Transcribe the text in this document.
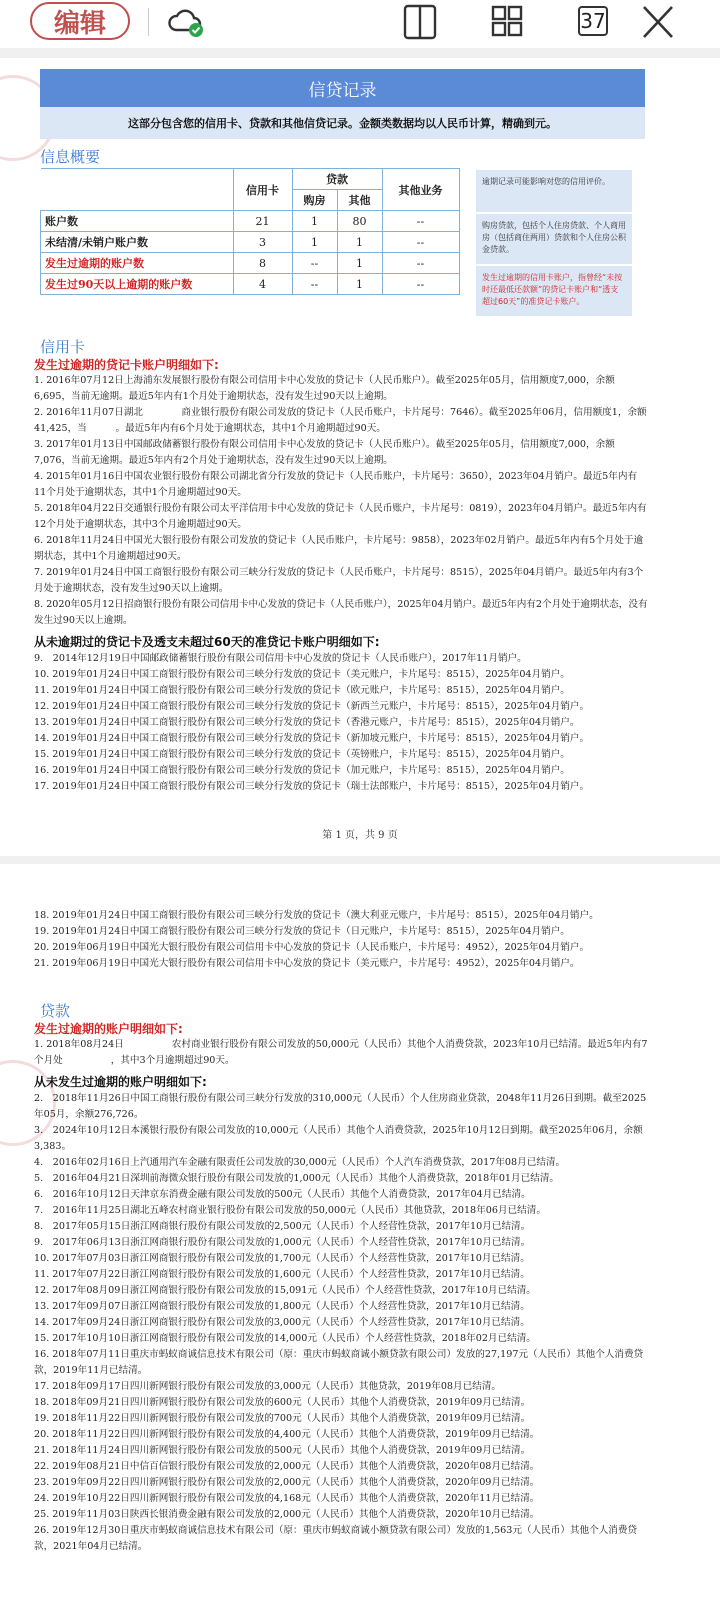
编辑	37
信贷记录
这部分包含您的信用卡、贷款和其他信贷记录。金额类数据均以人民币计算，精确到元。
信息概要
	信用卡	贷款		其他业务
		购房	其他	
账户数	21	1	80	--
未结清/未销户账户数	3	1	1	--
发生过逾期的账户数	8	--	1	--
发生过90天以上逾期的账户数	4	--	1	--
逾期记录可能影响对您的信用评价。
购房贷款，包括个人住房贷款、个人商用房（包括商住两用）贷款和个人住房公积金贷款。
发生过逾期的信用卡账户，指曾经“未按时还最低还款额”的贷记卡账户和“透支超过60天”的准贷记卡账户。
信用卡
发生过逾期的贷记卡账户明细如下:
1. 2016年07月12日上海浦东发展银行股份有限公司信用卡中心发放的贷记卡（人民币账户）。截至2025年05月，信用额度7,000，余额6,695，当前无逾期。最近5年内有1个月处于逾期状态，没有发生过90天以上逾期。
2. 2016年11月07日湖北　　　　商业银行股份有限公司发放的贷记卡（人民币账户，卡片尾号：7646）。截至2025年06月，信用额度1，余额41,425，当　　　。最近5年内有6个月处于逾期状态，其中1个月逾期超过90天。
3. 2017年01月13日中国邮政储蓄银行股份有限公司信用卡中心发放的贷记卡（人民币账户）。截至2025年05月，信用额度7,000，余额7,076，当前无逾期。最近5年内有2个月处于逾期状态，没有发生过90天以上逾期。
4. 2015年01月16日中国农业银行股份有限公司湖北省分行发放的贷记卡（人民币账户，卡片尾号：3650），2023年04月销户。最近5年内有11个月处于逾期状态，其中1个月逾期超过90天。
5. 2018年04月22日交通银行股份有限公司太平洋信用卡中心发放的贷记卡（人民币账户，卡片尾号：0819），2023年04月销户。最近5年内有12个月处于逾期状态，其中3个月逾期超过90天。
6. 2018年11月24日中国光大银行股份有限公司发放的贷记卡（人民币账户，卡片尾号：9858），2023年02月销户。最近5年内有5个月处于逾期状态，其中1个月逾期超过90天。
7. 2019年01月24日中国工商银行股份有限公司三峡分行发放的贷记卡（人民币账户，卡片尾号：8515），2025年04月销户。最近5年内有3个月处于逾期状态，没有发生过90天以上逾期。
8. 2020年05月12日招商银行股份有限公司信用卡中心发放的贷记卡（人民币账户），2025年04月销户。最近5年内有2个月处于逾期状态，没有发生过90天以上逾期。
从未逾期过的贷记卡及透支未超过60天的准贷记卡账户明细如下:
9.　2014年12月19日中国邮政储蓄银行股份有限公司信用卡中心发放的贷记卡（人民币账户），2017年11月销户。
10. 2019年01月24日中国工商银行股份有限公司三峡分行发放的贷记卡（美元账户，卡片尾号：8515），2025年04月销户。
11. 2019年01月24日中国工商银行股份有限公司三峡分行发放的贷记卡（欧元账户，卡片尾号：8515），2025年04月销户。
12. 2019年01月24日中国工商银行股份有限公司三峡分行发放的贷记卡（新西兰元账户，卡片尾号：8515），2025年04月销户。
13. 2019年01月24日中国工商银行股份有限公司三峡分行发放的贷记卡（香港元账户，卡片尾号：8515），2025年04月销户。
14. 2019年01月24日中国工商银行股份有限公司三峡分行发放的贷记卡（新加坡元账户，卡片尾号：8515），2025年04月销户。
15. 2019年01月24日中国工商银行股份有限公司三峡分行发放的贷记卡（英镑账户，卡片尾号：8515），2025年04月销户。
16. 2019年01月24日中国工商银行股份有限公司三峡分行发放的贷记卡（加元账户，卡片尾号：8515），2025年04月销户。
17. 2019年01月24日中国工商银行股份有限公司三峡分行发放的贷记卡（瑞士法郎账户，卡片尾号：8515），2025年04月销户。
第 1 页，共 9 页
18. 2019年01月24日中国工商银行股份有限公司三峡分行发放的贷记卡（澳大利亚元账户，卡片尾号：8515），2025年04月销户。
19. 2019年01月24日中国工商银行股份有限公司三峡分行发放的贷记卡（日元账户，卡片尾号：8515），2025年04月销户。
20. 2019年06月19日中国光大银行股份有限公司信用卡中心发放的贷记卡（人民币账户，卡片尾号：4952），2025年04月销户。
21. 2019年06月19日中国光大银行股份有限公司信用卡中心发放的贷记卡（美元账户，卡片尾号：4952），2025年04月销户。
贷款
发生过逾期的账户明细如下:
1. 2018年08月24日　　　　　农村商业银行股份有限公司发放的50,000元（人民币）其他个人消费贷款，2023年10月已结清。最近5年内有7个月处　　　　　，其中3个月逾期超过90天。
从未发生过逾期的账户明细如下:
2.　2018年11月26日中国工商银行股份有限公司三峡分行发放的310,000元（人民币）个人住房商业贷款，2048年11月26日到期。截至2025年05月，余额276,726。
3.　2024年10月12日本溪银行股份有限公司发放的10,000元（人民币）其他个人消费贷款，2025年10月12日到期。截至2025年06月，余额3,383。
4.　2016年02月16日上汽通用汽车金融有限责任公司发放的30,000元（人民币）个人汽车消费贷款，2017年08月已结清。
5.　2016年04月21日深圳前海微众银行股份有限公司发放的1,000元（人民币）其他个人消费贷款，2018年01月已结清。
6.　2016年10月12日天津京东消费金融有限公司发放的500元（人民币）其他个人消费贷款，2017年04月已结清。
7.　2016年11月25日湖北五峰农村商业银行股份有限公司发放的50,000元（人民币）其他贷款，2018年06月已结清。
8.　2017年05月15日浙江网商银行股份有限公司发放的2,500元（人民币）个人经营性贷款，2017年10月已结清。
9.　2017年06月13日浙江网商银行股份有限公司发放的1,000元（人民币）个人经营性贷款，2017年10月已结清。
10. 2017年07月03日浙江网商银行股份有限公司发放的1,700元（人民币）个人经营性贷款，2017年10月已结清。
11. 2017年07月22日浙江网商银行股份有限公司发放的1,600元（人民币）个人经营性贷款，2017年10月已结清。
12. 2017年08月09日浙江网商银行股份有限公司发放的15,091元（人民币）个人经营性贷款，2017年10月已结清。
13. 2017年09月07日浙江网商银行股份有限公司发放的1,800元（人民币）个人经营性贷款，2017年10月已结清。
14. 2017年09月24日浙江网商银行股份有限公司发放的3,000元（人民币）个人经营性贷款，2017年10月已结清。
15. 2017年10月10日浙江网商银行股份有限公司发放的14,000元（人民币）个人经营性贷款，2018年02月已结清。
16. 2018年07月11日重庆市蚂蚁商诚信息技术有限公司（原：重庆市蚂蚁商诚小额贷款有限公司）发放的27,197元（人民币）其他个人消费贷款，2019年11月已结清。
17. 2018年09月17日四川新网银行股份有限公司发放的3,000元（人民币）其他贷款，2019年08月已结清。
18. 2018年09月21日四川新网银行股份有限公司发放的600元（人民币）其他个人消费贷款，2019年09月已结清。
19. 2018年11月22日四川新网银行股份有限公司发放的700元（人民币）其他个人消费贷款，2019年09月已结清。
20. 2018年11月22日四川新网银行股份有限公司发放的4,400元（人民币）其他个人消费贷款，2019年09月已结清。
21. 2018年11月24日四川新网银行股份有限公司发放的500元（人民币）其他个人消费贷款，2019年09月已结清。
22. 2019年08月21日中信百信银行股份有限公司发放的2,000元（人民币）其他个人消费贷款，2020年08月已结清。
23. 2019年09月22日四川新网银行股份有限公司发放的2,000元（人民币）其他个人消费贷款，2020年09月已结清。
24. 2019年10月22日四川新网银行股份有限公司发放的4,168元（人民币）其他个人消费贷款，2020年11月已结清。
25. 2019年11月03日陕西长银消费金融有限公司发放的2,000元（人民币）其他个人消费贷款，2020年10月已结清。
26. 2019年12月30日重庆市蚂蚁商诚信息技术有限公司（原：重庆市蚂蚁商诚小额贷款有限公司）发放的1,563元（人民币）其他个人消费贷款，2021年04月已结清。
